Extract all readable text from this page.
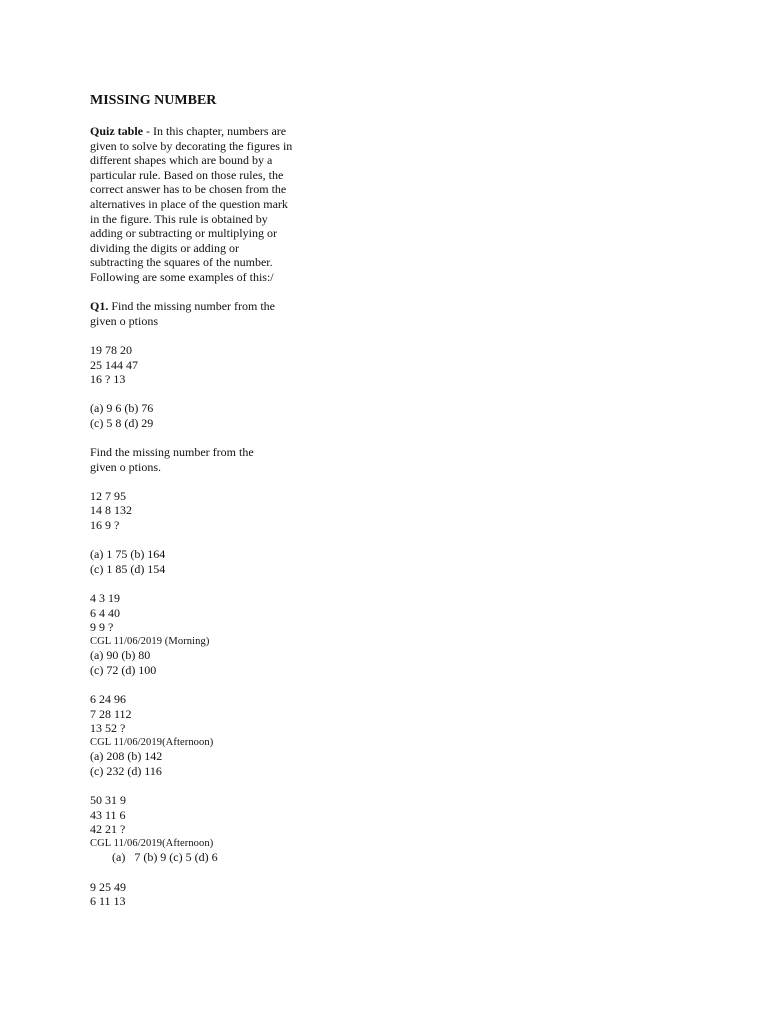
MISSING NUMBER
Quiz table - In this chapter, numbers are
given to solve by decorating the figures in
different shapes which are bound by a
particular rule. Based on those rules, the
correct answer has to be chosen from the
alternatives in place of the question mark
in the figure. This rule is obtained by
adding or subtracting or multiplying or
dividing the digits or adding or
subtracting the squares of the number.
Following are some examples of this:/
Q1. Find the missing number from the
given o ptions
19 78 20
25 144 47
16 ? 13
(a) 9 6 (b) 76
(c) 5 8 (d) 29
Find the missing number from the
given o ptions.
12 7 95
14 8 132
16 9 ?
(a) 1 75 (b) 164
(c) 1 85 (d) 154
4 3 19
6 4 40
9 9 ?
CGL 11/06/2019 (Morning)
(a) 90 (b) 80
(c) 72 (d) 100
6 24 96
7 28 112
13 52 ?
CGL 11/06/2019(Afternoon)
(a) 208 (b) 142
(c) 232 (d) 116
50 31 9
43 11 6
42 21 ?
CGL 11/06/2019(Afternoon)
(a)   7 (b) 9 (c) 5 (d) 6
9 25 49
6 11 13
